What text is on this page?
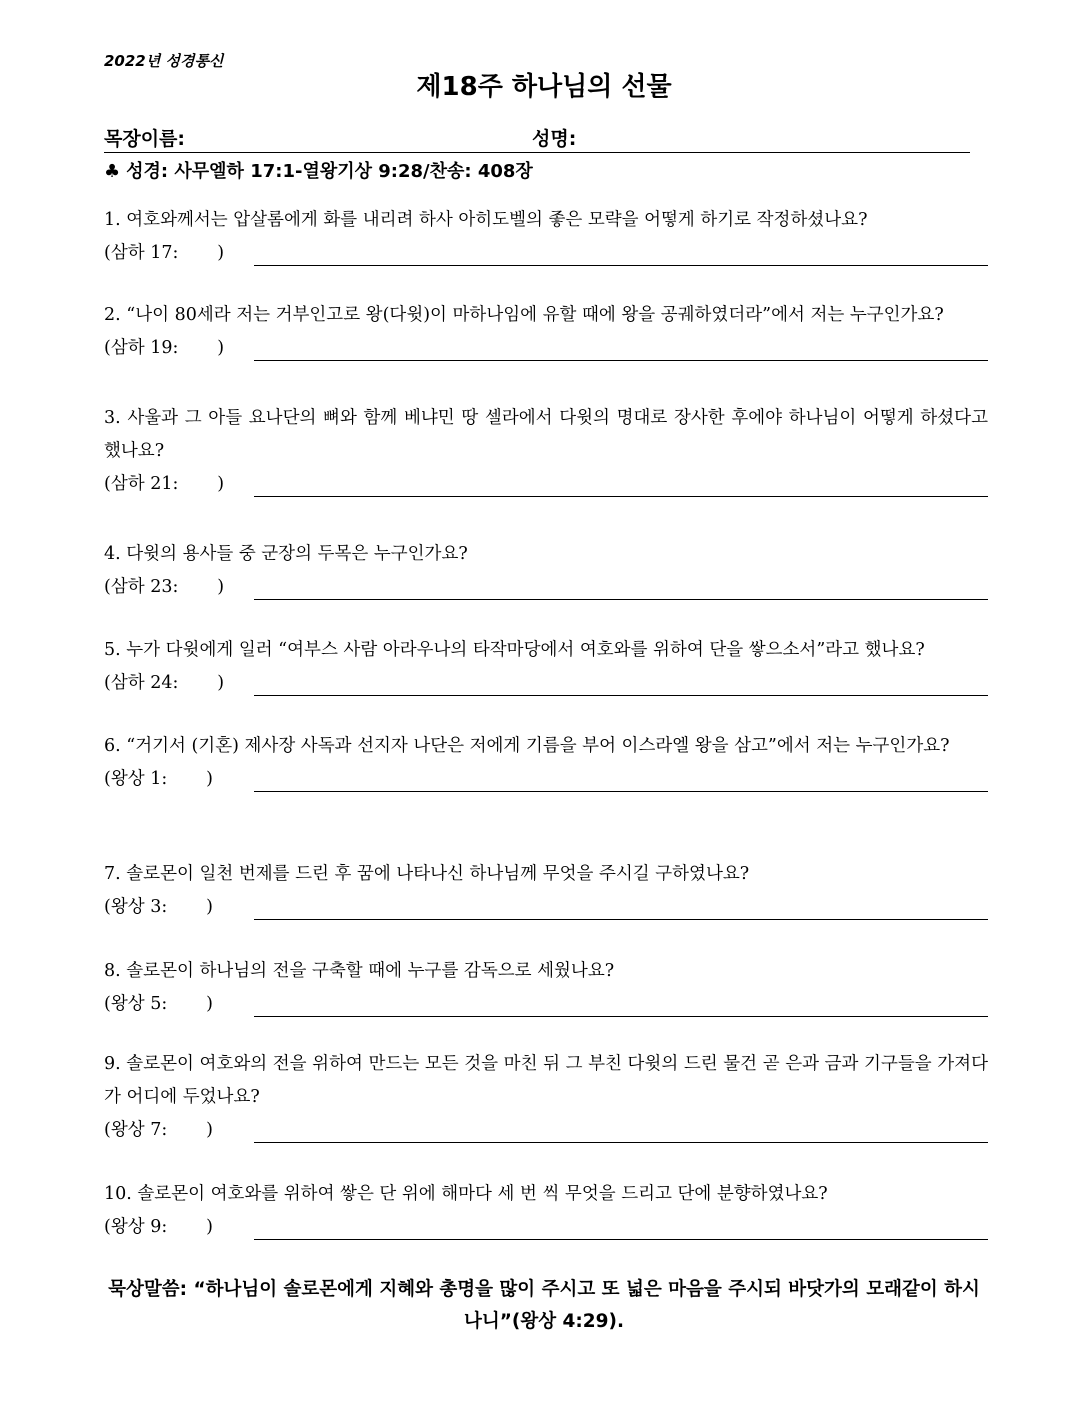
2022년 성경통신
제18주 하나님의 선물
목장이름:	성명:
♣ 성경: 사무엘하 17:1-열왕기상 9:28/찬송: 408장
1. 여호와께서는 압살롬에게 화를 내리려 하사 아히도벨의 좋은 모략을 어떻게 하기로 작정하셨나요?
(삼하 17:       )
2. “나이 80세라 저는 거부인고로 왕(다윗)이 마하나임에 유할 때에 왕을 공궤하였더라”에서 저는 누구인가요?
(삼하 19:       )
3. 사울과 그 아들 요나단의 뼈와 함께 베냐민 땅 셀라에서 다윗의 명대로 장사한 후에야 하나님이 어떻게 하셨다고 했나요?
(삼하 21:       )
4. 다윗의 용사들 중 군장의 두목은 누구인가요?
(삼하 23:       )
5. 누가 다윗에게 일러 “여부스 사람 아라우나의 타작마당에서 여호와를 위하여 단을 쌓으소서”라고 했나요?
(삼하 24:       )
6. “거기서 (기혼) 제사장 사독과 선지자 나단은 저에게 기름을 부어 이스라엘 왕을 삼고”에서 저는 누구인가요?
(왕상 1:       )
7. 솔로몬이 일천 번제를 드린 후 꿈에 나타나신 하나님께 무엇을 주시길 구하였나요?
(왕상 3:       )
8. 솔로몬이 하나님의 전을 구축할 때에 누구를 감독으로 세웠나요?
(왕상 5:       )
9. 솔로몬이 여호와의 전을 위하여 만드는 모든 것을 마친 뒤 그 부친 다윗의 드린 물건 곧 은과 금과 기구들을 가져다가 어디에 두었나요?
(왕상 7:       )
10. 솔로몬이 여호와를 위하여 쌓은 단 위에 해마다 세 번 씩 무엇을 드리고 단에 분향하였나요?
(왕상 9:       )
묵상말씀: “하나님이 솔로몬에게 지혜와 총명을 많이 주시고 또 넓은 마음을 주시되 바닷가의 모래같이 하시나니”(왕상 4:29).
